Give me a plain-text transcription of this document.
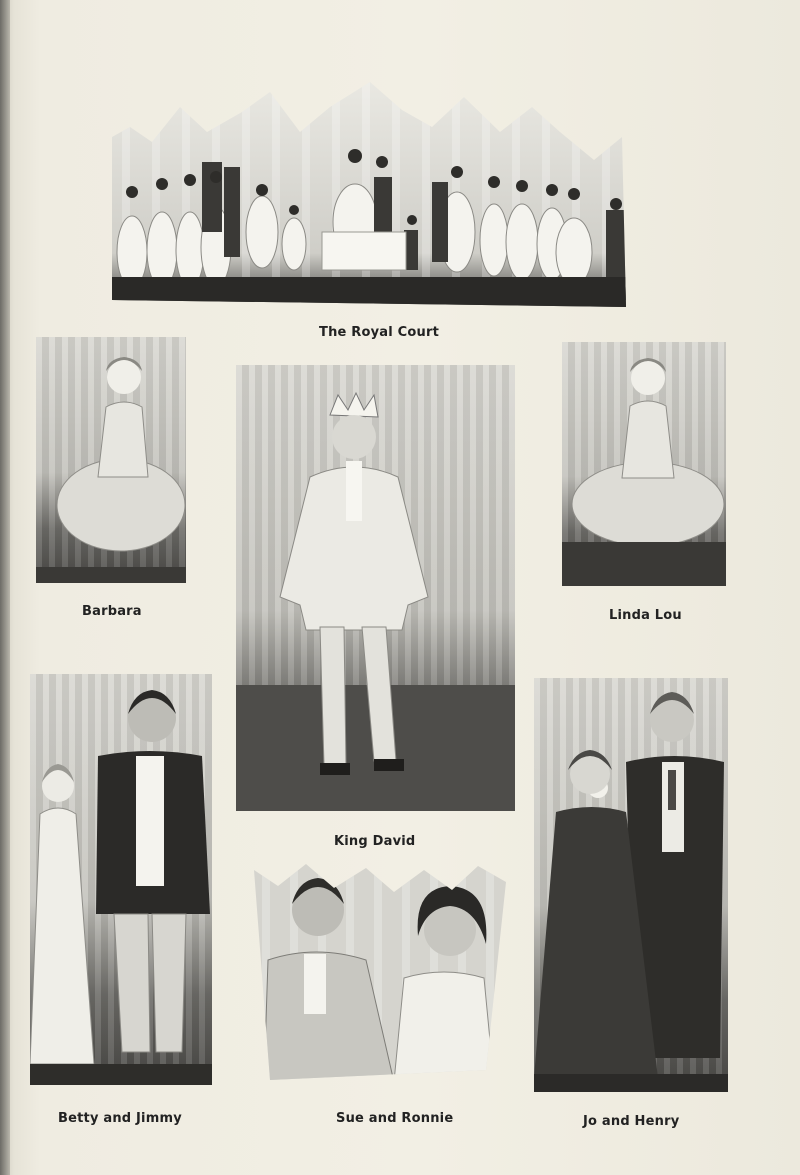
The Royal Court
Barbara
King David
Linda Lou
Betty and Jimmy	Sue and Ronnie	Jo and Henry
